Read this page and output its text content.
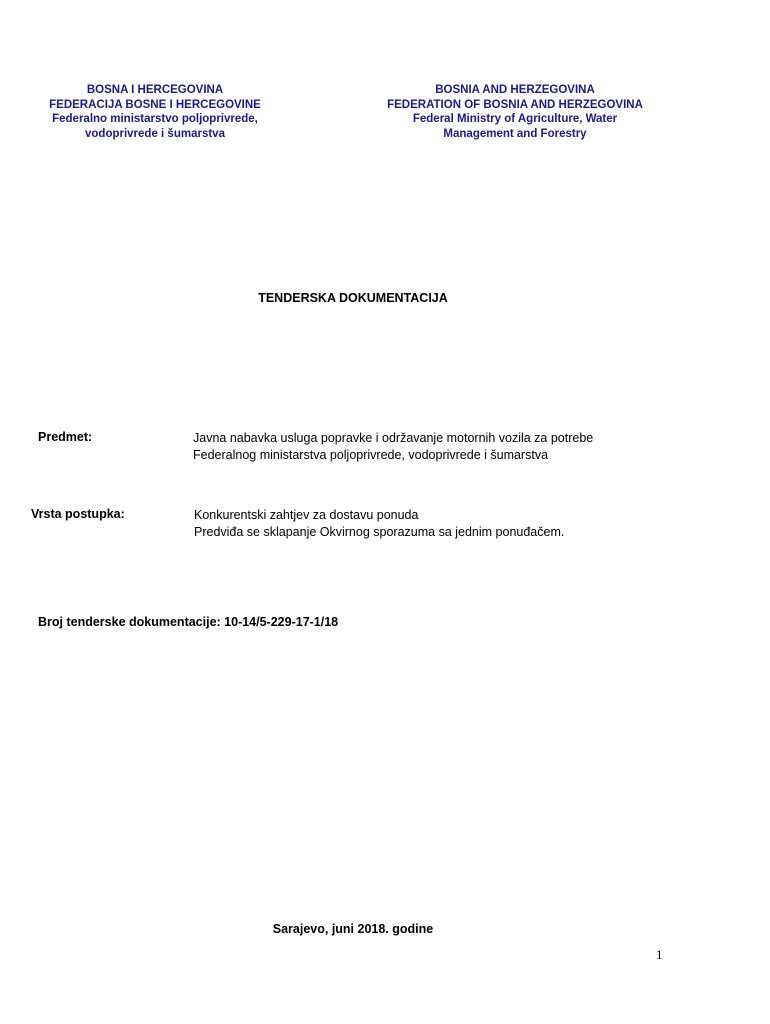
BOSNA I HERCEGOVINA
FEDERACIJA BOSNE I HERCEGOVINE
Federalno ministarstvo poljoprivrede,
vodoprivrede i šumarstva
BOSNIA AND HERZEGOVINA
FEDERATION OF BOSNIA AND HERZEGOVINA
Federal Ministry of Agriculture, Water
Management and Forestry
TENDERSKA DOKUMENTACIJA
Predmet:	Javna nabavka usluga popravke i održavanje motornih vozila za potrebe
Federalnog ministarstva poljoprivrede, vodoprivrede i šumarstva
Vrsta postupka:	Konkurentski zahtjev za dostavu ponuda
Predviđa se sklapanje Okvirnog sporazuma sa jednim ponuđačem.
Broj tenderske dokumentacije: 10-14/5-229-17-1/18
Sarajevo, juni 2018. godine
1
